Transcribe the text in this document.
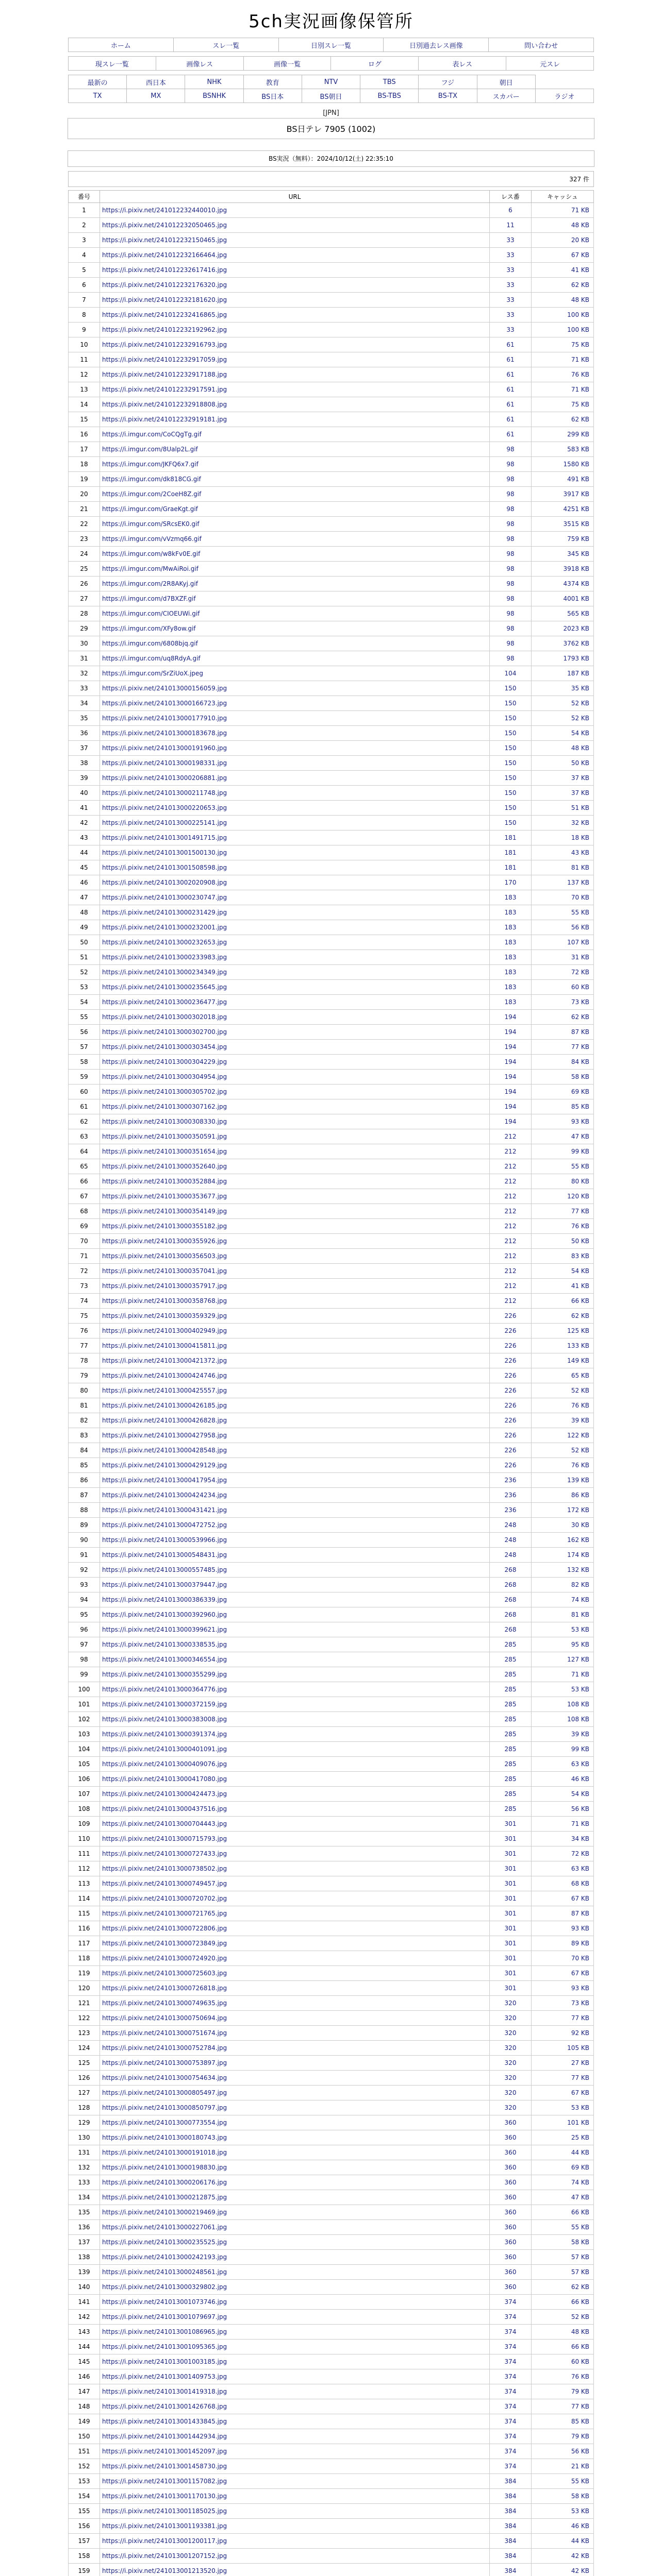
5ch実況画像保管所
ホーム	スレ一覧	日別スレ一覧	日別過去レス画像	問い合わせ
現スレ一覧	画像レス	画像一覧	ログ	表レス	元スレ
最新の	西日本	NHK	教育	NTV	TBS	フジ	朝日	
TX	MX	BSNHK	BS日本	BS朝日	BS-TBS	BS-TX	スカパー	ラジオ
[JPN]
BS日テレ 7905 (1002)
BS実況（無料）：2024/10/12(土) 22:35:10
327 件
番号	URL	レス番	キャッシュ
1	https://i.pixiv.net/241012232440010.jpg	6	71 KB
2	https://i.pixiv.net/241012232050465.jpg	11	48 KB
3	https://i.pixiv.net/241012232150465.jpg	33	20 KB
4	https://i.pixiv.net/241012232166464.jpg	33	67 KB
5	https://i.pixiv.net/241012232617416.jpg	33	41 KB
6	https://i.pixiv.net/241012232176320.jpg	33	62 KB
7	https://i.pixiv.net/241012232181620.jpg	33	48 KB
8	https://i.pixiv.net/241012232416865.jpg	33	100 KB
9	https://i.pixiv.net/241012232192962.jpg	33	100 KB
10	https://i.pixiv.net/241012232916793.jpg	61	75 KB
11	https://i.pixiv.net/241012232917059.jpg	61	71 KB
12	https://i.pixiv.net/241012232917188.jpg	61	76 KB
13	https://i.pixiv.net/241012232917591.jpg	61	71 KB
14	https://i.pixiv.net/241012232918808.jpg	61	75 KB
15	https://i.pixiv.net/241012232919181.jpg	61	62 KB
16	https://i.imgur.com/CoCQgTg.gif	61	299 KB
17	https://i.imgur.com/8Ualp2L.gif	98	583 KB
18	https://i.imgur.com/JKFQ6x7.gif	98	1580 KB
19	https://i.imgur.com/dk818CG.gif	98	491 KB
20	https://i.imgur.com/2CoeH8Z.gif	98	3917 KB
21	https://i.imgur.com/GraeKgt.gif	98	4251 KB
22	https://i.imgur.com/SRcsEK0.gif	98	3515 KB
23	https://i.imgur.com/vVzmq66.gif	98	759 KB
24	https://i.imgur.com/w8kFv0E.gif	98	345 KB
25	https://i.imgur.com/MwAiRoi.gif	98	3918 KB
26	https://i.imgur.com/2R8AKyj.gif	98	4374 KB
27	https://i.imgur.com/d7BXZF.gif	98	4001 KB
28	https://i.imgur.com/CIOEUWi.gif	98	565 KB
29	https://i.imgur.com/XFy8ow.gif	98	2023 KB
30	https://i.imgur.com/6808bjq.gif	98	3762 KB
31	https://i.imgur.com/uq8RdyA.gif	98	1793 KB
32	https://i.imgur.com/SrZiUoX.jpeg	104	187 KB
33	https://i.pixiv.net/241013000156059.jpg	150	35 KB
34	https://i.pixiv.net/241013000166723.jpg	150	52 KB
35	https://i.pixiv.net/241013000177910.jpg	150	52 KB
36	https://i.pixiv.net/241013000183678.jpg	150	54 KB
37	https://i.pixiv.net/241013000191960.jpg	150	48 KB
38	https://i.pixiv.net/241013000198331.jpg	150	50 KB
39	https://i.pixiv.net/241013000206881.jpg	150	37 KB
40	https://i.pixiv.net/241013000211748.jpg	150	37 KB
41	https://i.pixiv.net/241013000220653.jpg	150	51 KB
42	https://i.pixiv.net/241013000225141.jpg	150	32 KB
43	https://i.pixiv.net/241013001491715.jpg	181	18 KB
44	https://i.pixiv.net/241013001500130.jpg	181	43 KB
45	https://i.pixiv.net/241013001508598.jpg	181	81 KB
46	https://i.pixiv.net/241013002020908.jpg	170	137 KB
47	https://i.pixiv.net/241013000230747.jpg	183	70 KB
48	https://i.pixiv.net/241013000231429.jpg	183	55 KB
49	https://i.pixiv.net/241013000232001.jpg	183	56 KB
50	https://i.pixiv.net/241013000232653.jpg	183	107 KB
51	https://i.pixiv.net/241013000233983.jpg	183	31 KB
52	https://i.pixiv.net/241013000234349.jpg	183	72 KB
53	https://i.pixiv.net/241013000235645.jpg	183	60 KB
54	https://i.pixiv.net/241013000236477.jpg	183	73 KB
55	https://i.pixiv.net/241013000302018.jpg	194	62 KB
56	https://i.pixiv.net/241013000302700.jpg	194	87 KB
57	https://i.pixiv.net/241013000303454.jpg	194	77 KB
58	https://i.pixiv.net/241013000304229.jpg	194	84 KB
59	https://i.pixiv.net/241013000304954.jpg	194	58 KB
60	https://i.pixiv.net/241013000305702.jpg	194	69 KB
61	https://i.pixiv.net/241013000307162.jpg	194	85 KB
62	https://i.pixiv.net/241013000308330.jpg	194	93 KB
63	https://i.pixiv.net/241013000350591.jpg	212	47 KB
64	https://i.pixiv.net/241013000351654.jpg	212	99 KB
65	https://i.pixiv.net/241013000352640.jpg	212	55 KB
66	https://i.pixiv.net/241013000352884.jpg	212	80 KB
67	https://i.pixiv.net/241013000353677.jpg	212	120 KB
68	https://i.pixiv.net/241013000354149.jpg	212	77 KB
69	https://i.pixiv.net/241013000355182.jpg	212	76 KB
70	https://i.pixiv.net/241013000355926.jpg	212	50 KB
71	https://i.pixiv.net/241013000356503.jpg	212	83 KB
72	https://i.pixiv.net/241013000357041.jpg	212	54 KB
73	https://i.pixiv.net/241013000357917.jpg	212	41 KB
74	https://i.pixiv.net/241013000358768.jpg	212	66 KB
75	https://i.pixiv.net/241013000359329.jpg	226	62 KB
76	https://i.pixiv.net/241013000402949.jpg	226	125 KB
77	https://i.pixiv.net/241013000415811.jpg	226	133 KB
78	https://i.pixiv.net/241013000421372.jpg	226	149 KB
79	https://i.pixiv.net/241013000424746.jpg	226	65 KB
80	https://i.pixiv.net/241013000425557.jpg	226	52 KB
81	https://i.pixiv.net/241013000426185.jpg	226	76 KB
82	https://i.pixiv.net/241013000426828.jpg	226	39 KB
83	https://i.pixiv.net/241013000427958.jpg	226	122 KB
84	https://i.pixiv.net/241013000428548.jpg	226	52 KB
85	https://i.pixiv.net/241013000429129.jpg	226	76 KB
86	https://i.pixiv.net/241013000417954.jpg	236	139 KB
87	https://i.pixiv.net/241013000424234.jpg	236	86 KB
88	https://i.pixiv.net/241013000431421.jpg	236	172 KB
89	https://i.pixiv.net/241013000472752.jpg	248	30 KB
90	https://i.pixiv.net/241013000539966.jpg	248	162 KB
91	https://i.pixiv.net/241013000548431.jpg	248	174 KB
92	https://i.pixiv.net/241013000557485.jpg	268	132 KB
93	https://i.pixiv.net/241013000379447.jpg	268	82 KB
94	https://i.pixiv.net/241013000386339.jpg	268	74 KB
95	https://i.pixiv.net/241013000392960.jpg	268	81 KB
96	https://i.pixiv.net/241013000399621.jpg	268	53 KB
97	https://i.pixiv.net/241013000338535.jpg	285	95 KB
98	https://i.pixiv.net/241013000346554.jpg	285	127 KB
99	https://i.pixiv.net/241013000355299.jpg	285	71 KB
100	https://i.pixiv.net/241013000364776.jpg	285	53 KB
101	https://i.pixiv.net/241013000372159.jpg	285	108 KB
102	https://i.pixiv.net/241013000383008.jpg	285	108 KB
103	https://i.pixiv.net/241013000391374.jpg	285	39 KB
104	https://i.pixiv.net/241013000401091.jpg	285	99 KB
105	https://i.pixiv.net/241013000409076.jpg	285	63 KB
106	https://i.pixiv.net/241013000417080.jpg	285	46 KB
107	https://i.pixiv.net/241013000424473.jpg	285	54 KB
108	https://i.pixiv.net/241013000437516.jpg	285	56 KB
109	https://i.pixiv.net/241013000704443.jpg	301	71 KB
110	https://i.pixiv.net/241013000715793.jpg	301	34 KB
111	https://i.pixiv.net/241013000727433.jpg	301	72 KB
112	https://i.pixiv.net/241013000738502.jpg	301	63 KB
113	https://i.pixiv.net/241013000749457.jpg	301	68 KB
114	https://i.pixiv.net/241013000720702.jpg	301	67 KB
115	https://i.pixiv.net/241013000721765.jpg	301	87 KB
116	https://i.pixiv.net/241013000722806.jpg	301	93 KB
117	https://i.pixiv.net/241013000723849.jpg	301	89 KB
118	https://i.pixiv.net/241013000724920.jpg	301	70 KB
119	https://i.pixiv.net/241013000725603.jpg	301	67 KB
120	https://i.pixiv.net/241013000726818.jpg	301	93 KB
121	https://i.pixiv.net/241013000749635.jpg	320	73 KB
122	https://i.pixiv.net/241013000750694.jpg	320	77 KB
123	https://i.pixiv.net/241013000751674.jpg	320	92 KB
124	https://i.pixiv.net/241013000752784.jpg	320	105 KB
125	https://i.pixiv.net/241013000753897.jpg	320	27 KB
126	https://i.pixiv.net/241013000754634.jpg	320	77 KB
127	https://i.pixiv.net/241013000805497.jpg	320	67 KB
128	https://i.pixiv.net/241013000850797.jpg	320	53 KB
129	https://i.pixiv.net/241013000773554.jpg	360	101 KB
130	https://i.pixiv.net/241013000180743.jpg	360	25 KB
131	https://i.pixiv.net/241013000191018.jpg	360	44 KB
132	https://i.pixiv.net/241013000198830.jpg	360	69 KB
133	https://i.pixiv.net/241013000206176.jpg	360	74 KB
134	https://i.pixiv.net/241013000212875.jpg	360	47 KB
135	https://i.pixiv.net/241013000219469.jpg	360	66 KB
136	https://i.pixiv.net/241013000227061.jpg	360	55 KB
137	https://i.pixiv.net/241013000235525.jpg	360	58 KB
138	https://i.pixiv.net/241013000242193.jpg	360	57 KB
139	https://i.pixiv.net/241013000248561.jpg	360	57 KB
140	https://i.pixiv.net/241013000329802.jpg	360	62 KB
141	https://i.pixiv.net/241013001073746.jpg	374	66 KB
142	https://i.pixiv.net/241013001079697.jpg	374	52 KB
143	https://i.pixiv.net/241013001086965.jpg	374	48 KB
144	https://i.pixiv.net/241013001095365.jpg	374	66 KB
145	https://i.pixiv.net/241013001003185.jpg	374	60 KB
146	https://i.pixiv.net/241013001409753.jpg	374	76 KB
147	https://i.pixiv.net/241013001419318.jpg	374	79 KB
148	https://i.pixiv.net/241013001426768.jpg	374	77 KB
149	https://i.pixiv.net/241013001433845.jpg	374	85 KB
150	https://i.pixiv.net/241013001442934.jpg	374	79 KB
151	https://i.pixiv.net/241013001452097.jpg	374	56 KB
152	https://i.pixiv.net/241013001458730.jpg	374	21 KB
153	https://i.pixiv.net/241013001157082.jpg	384	55 KB
154	https://i.pixiv.net/241013001170130.jpg	384	58 KB
155	https://i.pixiv.net/241013001185025.jpg	384	53 KB
156	https://i.pixiv.net/241013001193381.jpg	384	46 KB
157	https://i.pixiv.net/241013001200117.jpg	384	44 KB
158	https://i.pixiv.net/241013001207152.jpg	384	42 KB
159	https://i.pixiv.net/241013001213520.jpg	384	42 KB
